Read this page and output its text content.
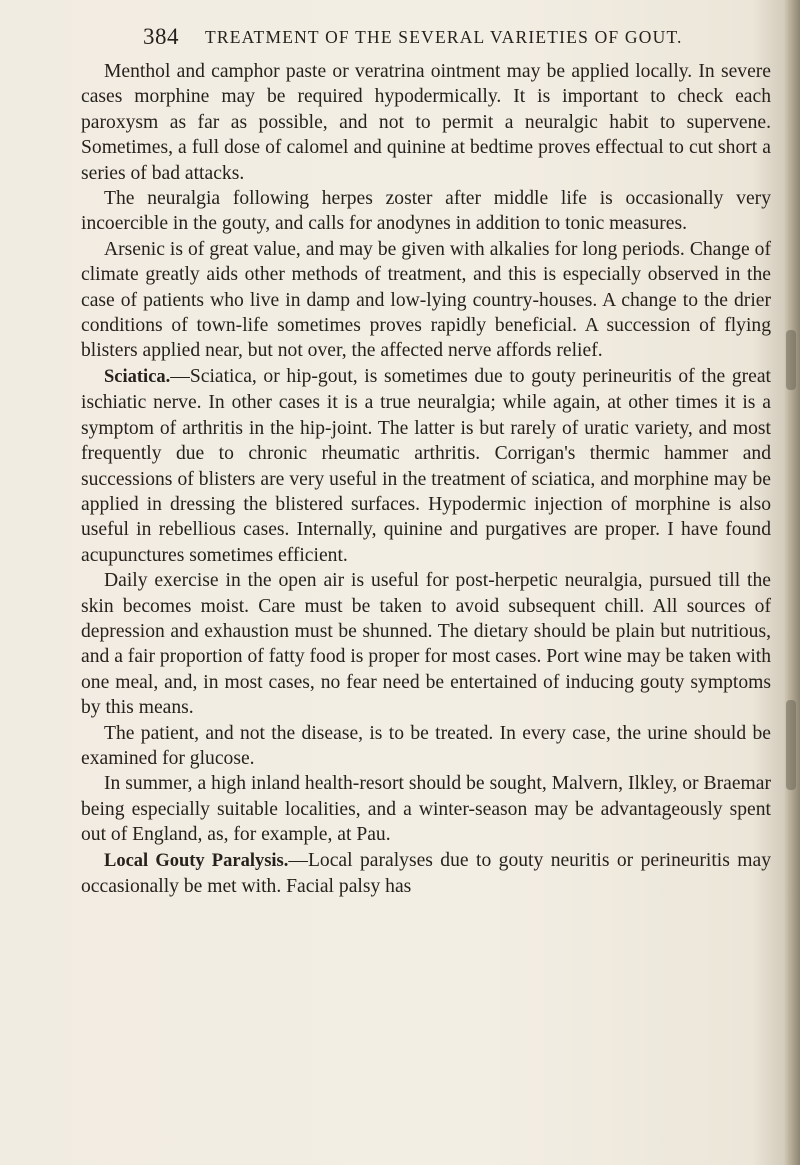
384 TREATMENT OF THE SEVERAL VARIETIES OF GOUT.

Menthol and camphor paste or veratrina ointment may be applied locally. In severe cases morphine may be required hypodermically. It is important to check each paroxysm as far as possible, and not to permit a neuralgic habit to supervene. Sometimes, a full dose of calomel and quinine at bedtime proves effectual to cut short a series of bad attacks.

The neuralgia following herpes zoster after middle life is occasionally very incoercible in the gouty, and calls for anodynes in addition to tonic measures.

Arsenic is of great value, and may be given with alkalies for long periods. Change of climate greatly aids other methods of treatment, and this is especially observed in the case of patients who live in damp and low-lying country-houses. A change to the drier conditions of town-life sometimes proves rapidly beneficial. A succession of flying blisters applied near, but not over, the affected nerve affords relief.

Sciatica.—Sciatica, or hip-gout, is sometimes due to gouty perineuritis of the great ischiatic nerve. In other cases it is a true neuralgia; while again, at other times it is a symptom of arthritis in the hip-joint. The latter is but rarely of uratic variety, and most frequently due to chronic rheumatic arthritis. Corrigan's thermic hammer and successions of blisters are very useful in the treatment of sciatica, and morphine may be applied in dressing the blistered surfaces. Hypodermic injection of morphine is also useful in rebellious cases. Internally, quinine and purgatives are proper. I have found acupunctures sometimes efficient.

Daily exercise in the open air is useful for post-herpetic neuralgia, pursued till the skin becomes moist. Care must be taken to avoid subsequent chill. All sources of depression and exhaustion must be shunned. The dietary should be plain but nutritious, and a fair proportion of fatty food is proper for most cases. Port wine may be taken with one meal, and, in most cases, no fear need be entertained of inducing gouty symptoms by this means.

The patient, and not the disease, is to be treated. In every case, the urine should be examined for glucose.

In summer, a high inland health-resort should be sought, Malvern, Ilkley, or Braemar being especially suitable localities, and a winter-season may be advantageously spent out of England, as, for example, at Pau.

Local Gouty Paralysis.—Local paralyses due to gouty neuritis or perineuritis may occasionally be met with. Facial palsy has
